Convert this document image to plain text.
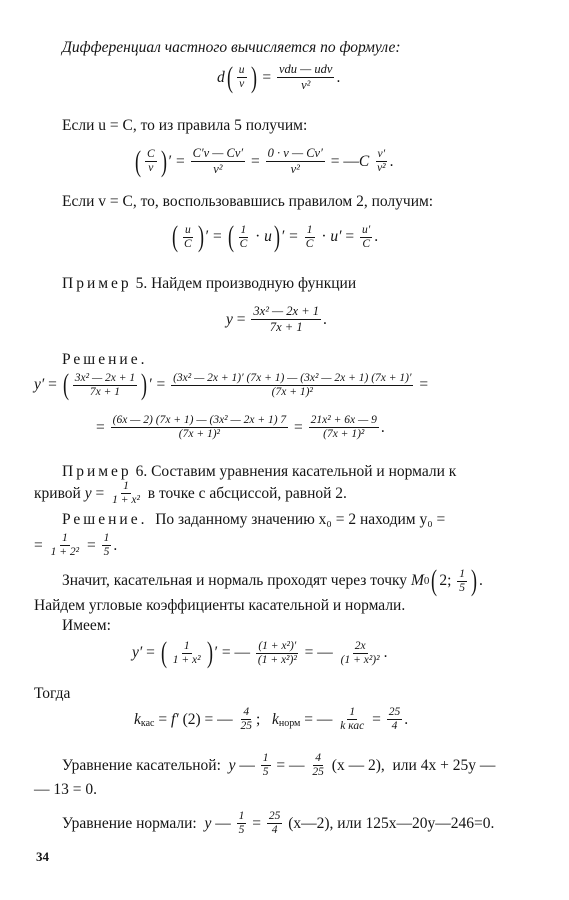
Дифференциал частного вычисляется по формуле:
d ( u
v ) = vdu — udv
v² .
Если u = C, то из правила 5 получим:
( C
v ) ′ = C′v — Cv′
v² = 0 · v — Cv′
v² = — C
v′
v² .
Если v = C, то, воспользовавшись правилом 2, получим:
( u
C ) ′ = ( 1
C · u ) ′ = 1
C · u′ = u′
C .
Пример 5. Найдем производную функции
y = 3x² — 2x + 1
7x + 1 .
Решение.
y′ = ( 3x² — 2x + 1
7x + 1 ) ′ = (3x² — 2x + 1)′ (7x + 1) — (3x² — 2x + 1) (7x + 1)′
(7x + 1)²	=
= (6x — 2) (7x + 1) — (3x² — 2x + 1) 7
(7x + 1)²	= 21x² + 6x — 9
(7x + 1)² .
Пример 6. Составим уравнения касательной и нормали к
кривой
y = 1
1 + x²
в точке с абсциссой, равной 2.
Решение. По заданному значению x₀ = 2 находим y₀ =
= 1
1 + 2² = 1
5 .
Значит, касательная и нормаль проходят через точку
M 0 ( 2; 1
5 ) .
Найдем угловые коэффициенты касательной и нормали.
Имеем:
y′ = ( 1
1 + x² ) ′ = — (1 + x²)′
(1 + x²)² = — 2x
(1 + x²)² .
Тогда
k кас = f′ (2) = — 4
25 ; k норм = — 1
k кас = 25
4 .
Уравнение касательной:
y — 1
5 = — 4
25 (x — 2), или 4x + 25y —
— 13 = 0.
Уравнение нормали:
y — 1
5 = 25
4 (x—2), или 125x—20y—246=0.
34
